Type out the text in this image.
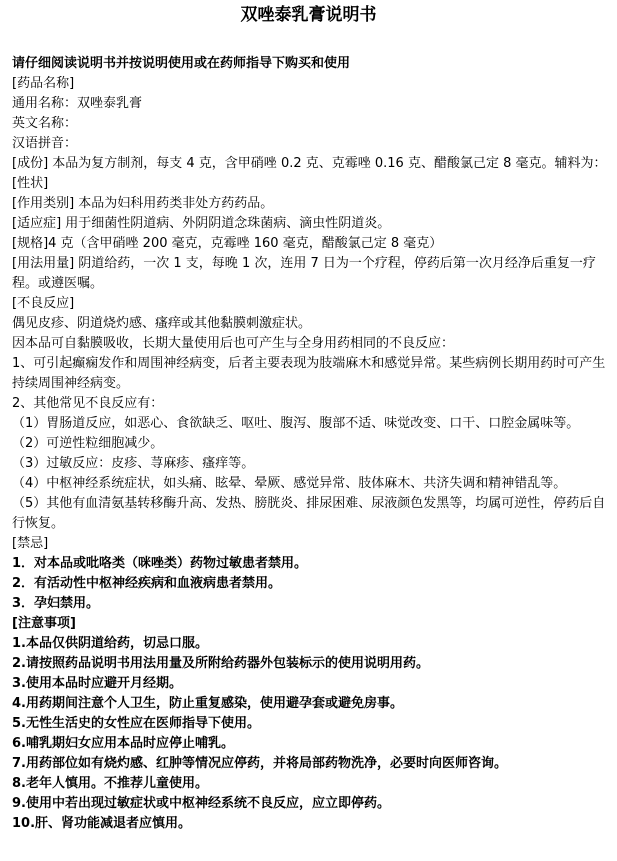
双唑泰乳膏说明书
请仔细阅读说明书并按说明使用或在药师指导下购买和使用
[药品名称]
通用名称：双唑泰乳膏
英文名称：
汉语拼音：
[成份] 本品为复方制剂，每支 4 克，含甲硝唑 0.2 克、克霉唑 0.16 克、醋酸氯己定 8 毫克。辅料为：
[性状]
[作用类别] 本品为妇科用药类非处方药药品。
[适应症] 用于细菌性阴道病、外阴阴道念珠菌病、滴虫性阴道炎。
[规格]4 克（含甲硝唑 200 毫克，克霉唑 160 毫克，醋酸氯己定 8 毫克）
[用法用量] 阴道给药，一次 1 支，每晚 1 次，连用 7 日为一个疗程，停药后第一次月经净后重复一疗程。或遵医嘱。
[不良反应]
偶见皮疹、阴道烧灼感、瘙痒或其他黏膜刺激症状。
因本品可自黏膜吸收，长期大量使用后也可产生与全身用药相同的不良反应：
1、可引起癫痫发作和周围神经病变，后者主要表现为肢端麻木和感觉异常。某些病例长期用药时可产生持续周围神经病变。
2、其他常见不良反应有：
（1）胃肠道反应，如恶心、食欲缺乏、呕吐、腹泻、腹部不适、味觉改变、口干、口腔金属味等。
（2）可逆性粒细胞减少。
（3）过敏反应：皮疹、荨麻疹、瘙痒等。
（4）中枢神经系统症状，如头痛、眩晕、晕厥、感觉异常、肢体麻木、共济失调和精神错乱等。
（5）其他有血清氨基转移酶升高、发热、膀胱炎、排尿困难、尿液颜色发黑等，均属可逆性，停药后自行恢复。
[禁忌]
1．对本品或吡咯类（咪唑类）药物过敏患者禁用。
2．有活动性中枢神经疾病和血液病患者禁用。
3．孕妇禁用。
[注意事项]
1.本品仅供阴道给药，切忌口服。
2.请按照药品说明书用法用量及所附给药器外包装标示的使用说明用药。
3.使用本品时应避开月经期。
4.用药期间注意个人卫生，防止重复感染，使用避孕套或避免房事。
5.无性生活史的女性应在医师指导下使用。
6.哺乳期妇女应用本品时应停止哺乳。
7.用药部位如有烧灼感、红肿等情况应停药，并将局部药物洗净，必要时向医师咨询。
8.老年人慎用。不推荐儿童使用。
9.使用中若出现过敏症状或中枢神经系统不良反应，应立即停药。
10.肝、肾功能减退者应慎用。
